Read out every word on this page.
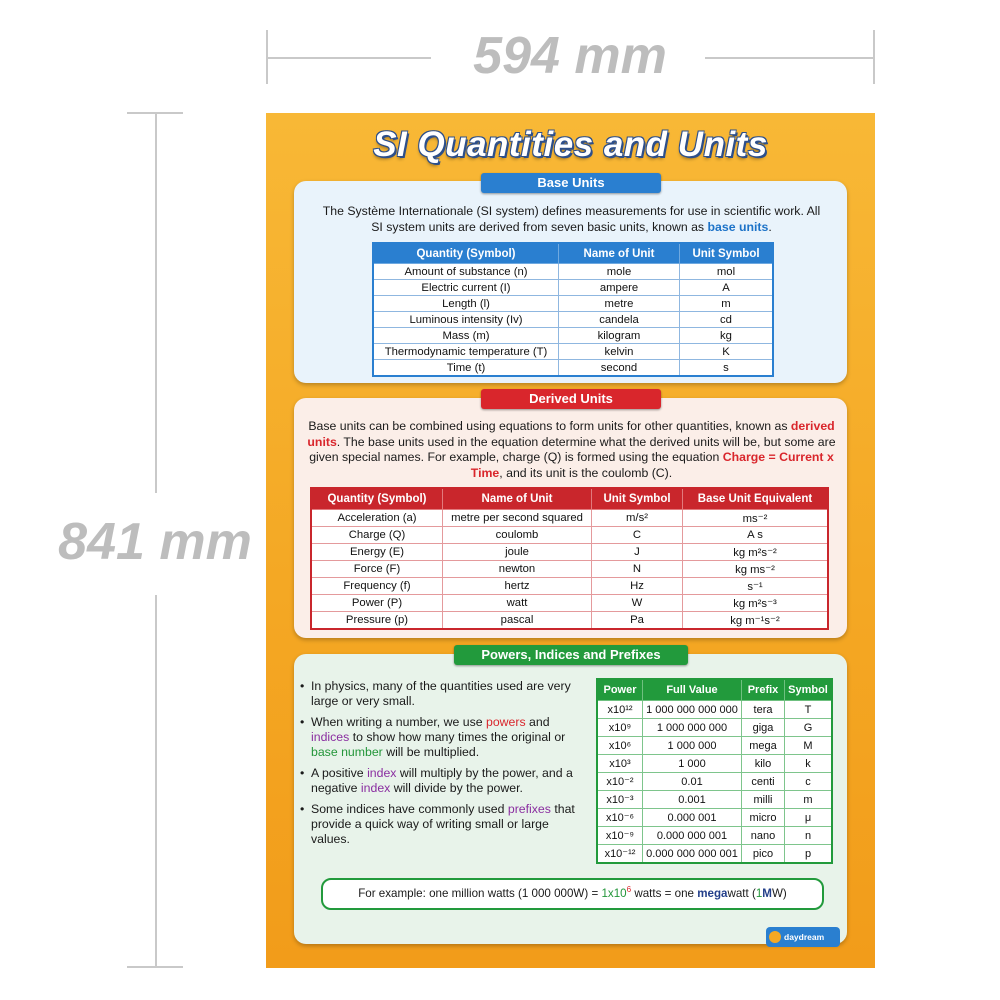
594 mm
841 mm
SI Quantities and Units
Base Units
The Système Internationale (SI system) defines measurements for use in scientific work. All SI system units are derived from seven basic units, known as base units.
Quantity (Symbol)	Name of Unit	Unit Symbol
Amount of substance (n)	mole	mol
Electric current (I)	ampere	A
Length (l)	metre	m
Luminous intensity (Iv)	candela	cd
Mass (m)	kilogram	kg
Thermodynamic temperature (T)	kelvin	K
Time (t)	second	s
Derived Units
Base units can be combined using equations to form units for other quantities, known as derived units. The base units used in the equation determine what the derived units will be, but some are given special names. For example, charge (Q) is formed using the equation Charge = Current x Time, and its unit is the coulomb (C).
Quantity (Symbol)	Name of Unit	Unit Symbol	Base Unit Equivalent
Acceleration (a)	metre per second squared	m/s²	ms⁻²
Charge (Q)	coulomb	C	A s
Energy (E)	joule	J	kg m²s⁻²
Force (F)	newton	N	kg ms⁻²
Frequency (f)	hertz	Hz	s⁻¹
Power (P)	watt	W	kg m²s⁻³
Pressure (p)	pascal	Pa	kg m⁻¹s⁻²
Powers, Indices and Prefixes
• In physics, many of the quantities used are very large or very small.
• When writing a number, we use powers and indices to show how many times the original or base number will be multiplied.
• A positive index will multiply by the power, and a negative index will divide by the power.
• Some indices have commonly used prefixes that provide a quick way of writing small or large values.
Power	Full Value	Prefix	Symbol
x10¹²	1 000 000 000 000	tera	T
x10⁹	1 000 000 000	giga	G
x10⁶	1 000 000	mega	M
x10³	1 000	kilo	k
x10⁻²	0.01	centi	c
x10⁻³	0.001	milli	m
x10⁻⁶	0.000 001	micro	μ
x10⁻⁹	0.000 000 001	nano	n
x10⁻¹²	0.000 000 000 001	pico	p
For example: one million watts (1 000 $000W) = 1x10^6$ watts = one megawatt (1MW)
daydream
